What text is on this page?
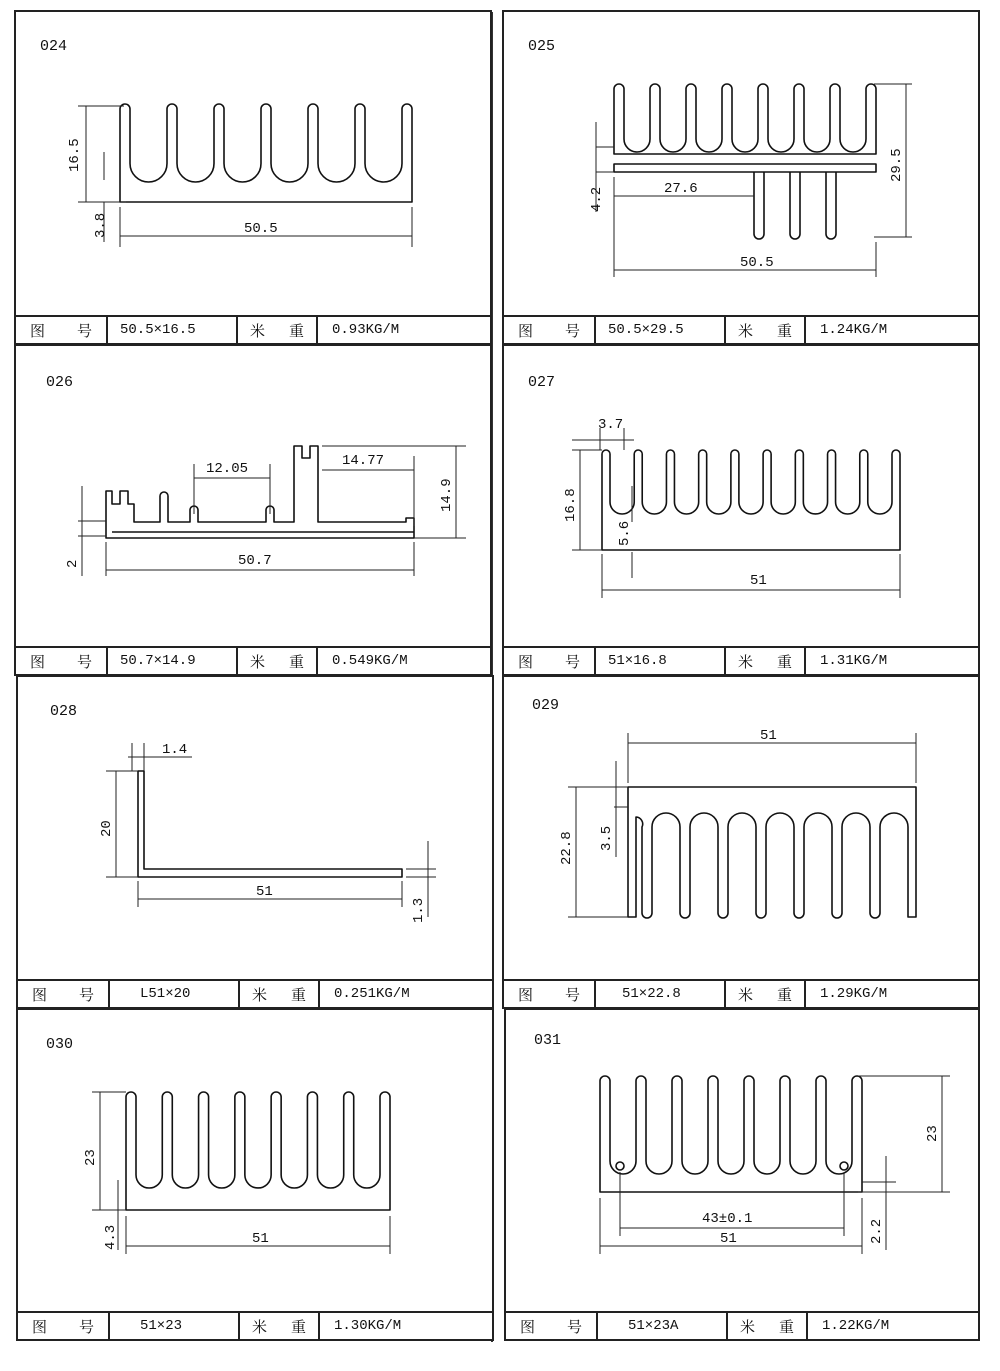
024
16.5
3.8	50.5
图 号	50.5×16.5	米 重	0.93KG/M
025
4.2	27.6
29.5
50.5
图 号	50.5×29.5	米 重	1.24KG/M
026
12.05	14.77
14.9
2	50.7
图 号	50.7×14.9	米 重	0.549KG/M
027
3.7
16.8
5.6
51
图 号	51×16.8	米 重	1.31KG/M
028
1.4
20
51
1.3
图 号	L51×20	米 重	0.251KG/M
029
51
22.8 3.5
图 号	51×22.8	米 重	1.29KG/M
030
23
4.3	51
图 号	51×23	米 重	1.30KG/M
031
23
43±0.1
51	2.2
图 号	51×23A	米 重	1.22KG/M
